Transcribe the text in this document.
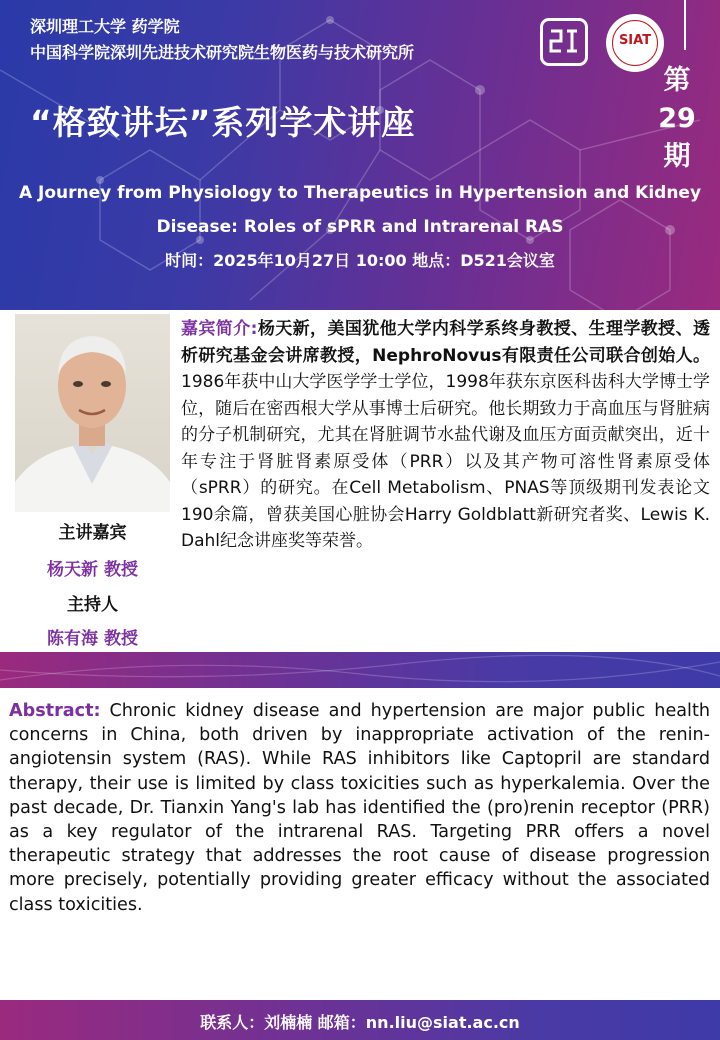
深圳理工大学 药学院
中国科学院深圳先进技术研究院生物医药与技术研究所
“格致讲坛”系列学术讲座
SIAT
第
29
期
A Journey from Physiology to Therapeutics in Hypertension and Kidney
Disease: Roles of sPRR and Intrarenal RAS
时间：2025年10月27日 10:00 地点：D521会议室
主讲嘉宾
杨天新 教授
主持人
陈有海 教授
嘉宾简介:杨天新，美国犹他大学内科学系终身教授、生理学教授、透析研究基金会讲席教授，NephroNovus有限责任公司联合创始人。1986年获中山大学医学学士学位，1998年获东京医科齿科大学博士学位，随后在密西根大学从事博士后研究。他长期致力于高血压与肾脏病的分子机制研究，尤其在肾脏调节水盐代谢及血压方面贡献突出，近十年专注于肾脏肾素原受体（PRR）以及其产物可溶性肾素原受体（sPRR）的研究。在Cell Metabolism、PNAS等顶级期刊发表论文190余篇，曾获美国心脏协会Harry Goldblatt新研究者奖、Lewis K. Dahl纪念讲座奖等荣誉。
Abstract: Chronic kidney disease and hypertension are major public health concerns in China, both driven by inappropriate activation of the renin-angiotensin system (RAS). While RAS inhibitors like Captopril are standard therapy, their use is limited by class toxicities such as hyperkalemia. Over the past decade, Dr. Tianxin Yang's lab has identified the (pro)renin receptor (PRR) as a key regulator of the intrarenal RAS. Targeting PRR offers a novel therapeutic strategy that addresses the root cause of disease progression more precisely, potentially providing greater efficacy without the associated class toxicities.
联系人：刘楠楠 邮箱：nn.liu@siat.ac.cn
